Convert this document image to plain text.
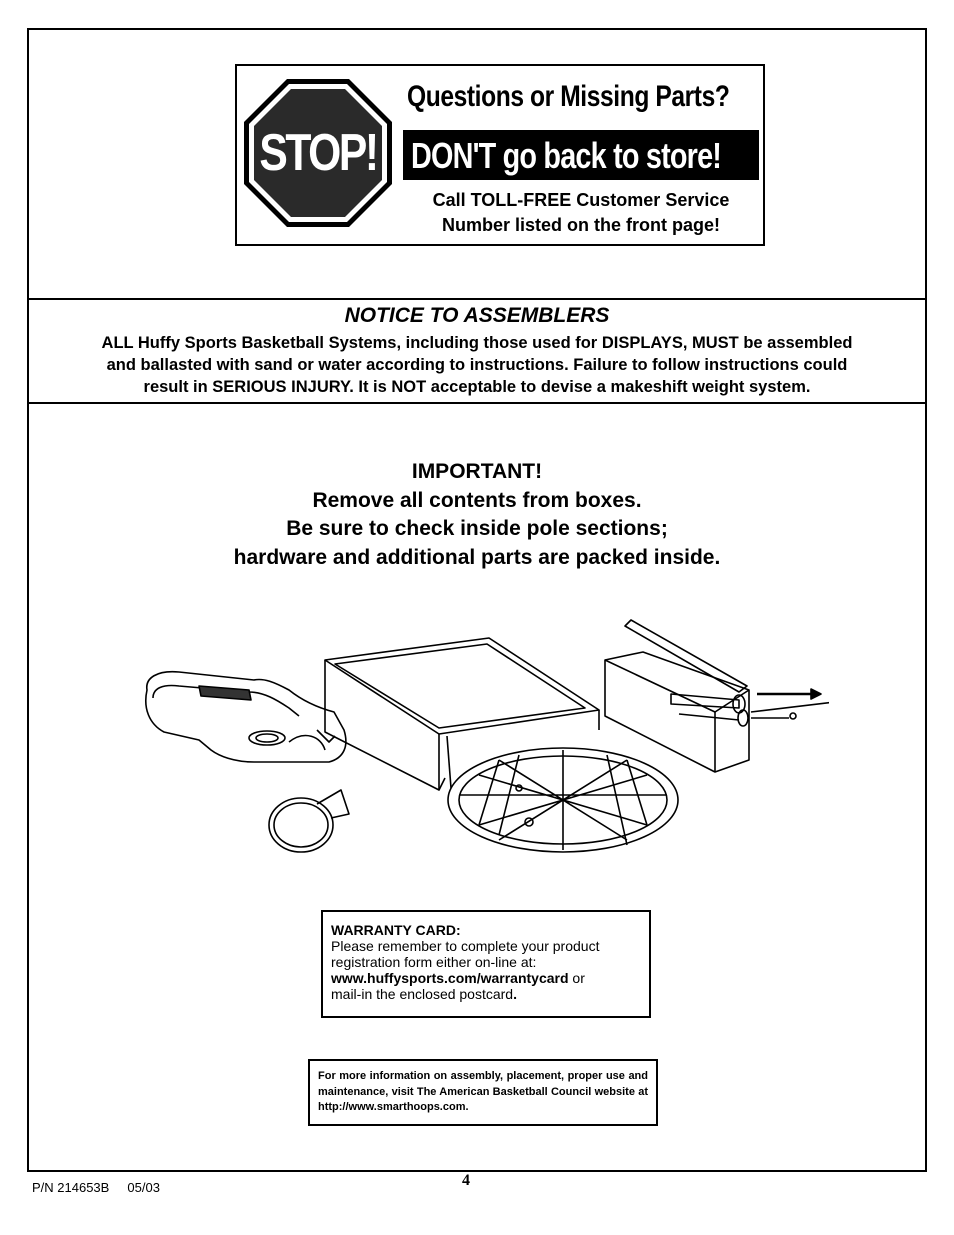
STOP!
Questions or Missing Parts?
DON'T go back to store!
Call TOLL-FREE Customer Service
Number listed on the front page!
NOTICE TO ASSEMBLERS
ALL Huffy Sports Basketball Systems, including those used for DISPLAYS, MUST be assembled
and ballasted with sand or water according to instructions. Failure to follow instructions could
result in SERIOUS INJURY. It is NOT acceptable to devise a makeshift weight system.
IMPORTANT!
Remove all contents from boxes.
Be sure to check inside pole sections;
hardware and additional parts are packed inside.
WARRANTY CARD:
Please remember to complete your product
registration form either on-line at:
www.huffysports.com/warrantycard or
mail-in the enclosed postcard.
For more information on assembly, placement, proper use and maintenance, visit The American Basketball Council website at http://www.smarthoops.com.
P/N 214653B 05/03	4
